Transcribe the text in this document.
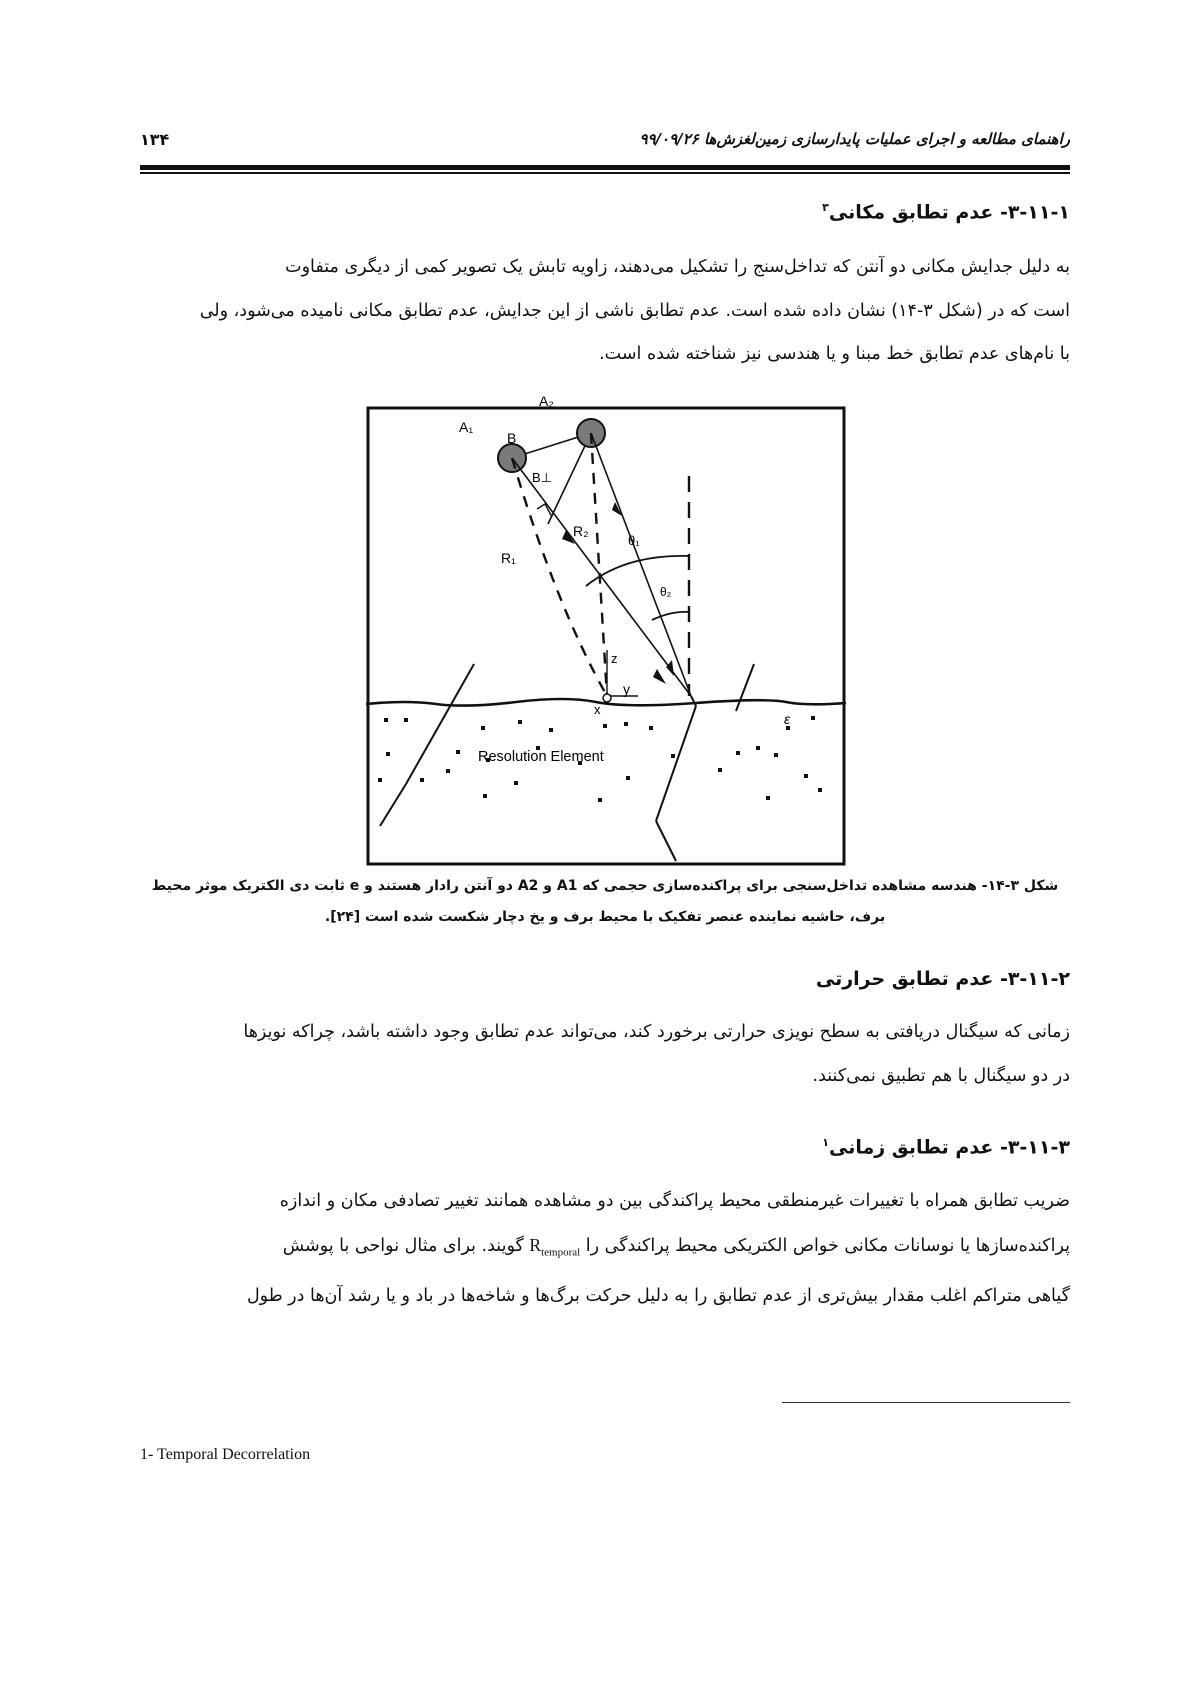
راهنمای مطالعه و اجرای عملیات پایدارسازی زمین‌لغزش‌ها ۹۹/۰۹/۲۶
۱۳۴
۳-۱۱-۱- عدم تطابق مکانی$^۳$
به دلیل جدایش مکانی دو آنتن که تداخل‌سنج را تشکیل می‌دهند، زاویه تابش یک تصویر کمی از دیگری متفاوت
است که در (شکل ۳-۱۴) نشان داده شده است. عدم تطابق ناشی از این جدایش، عدم تطابق مکانی نامیده می‌شود، ولی
با نام‌های عدم تطابق خط مبنا و یا هندسی نیز شناخته شده است.
A₁
A₂
B
B⊥
R₁
R₂
θ₁
θ₂
z
x
y
ε
Resolution Element
شکل ۳-۱۴- هندسه مشاهده تداخل‌سنجی برای پراکنده‌سازی حجمی که A1 و A2 دو آنتن رادار هستند و e ثابت دی الکتریک موثر محیط
برف، حاشیه نماینده عنصر تفکیک با محیط برف و یخ دچار شکست شده است [۲۴].
۳-۱۱-۲- عدم تطابق حرارتی
زمانی که سیگنال دریافتی به سطح نویزی حرارتی برخورد کند، می‌تواند عدم تطابق وجود داشته باشد، چراکه نویزها
در دو سیگنال با هم تطبیق نمی‌کنند.
۳-۱۱-۳- عدم تطابق زمانی$^۱$
ضریب تطابق همراه با تغییرات غیرمنطقی محیط پراکندگی بین دو مشاهده همانند تغییر تصادفی مکان و اندازه
پراکنده‌سازها یا نوسانات مکانی خواص الکتریکی محیط پراکندگی را $R_{temporal}$ گویند. برای مثال نواحی با پوشش
گیاهی متراکم اغلب مقدار بیش‌تری از عدم تطابق را به دلیل حرکت برگ‌ها و شاخه‌ها در باد و یا رشد آن‌ها در طول
1- Temporal Decorrelation
